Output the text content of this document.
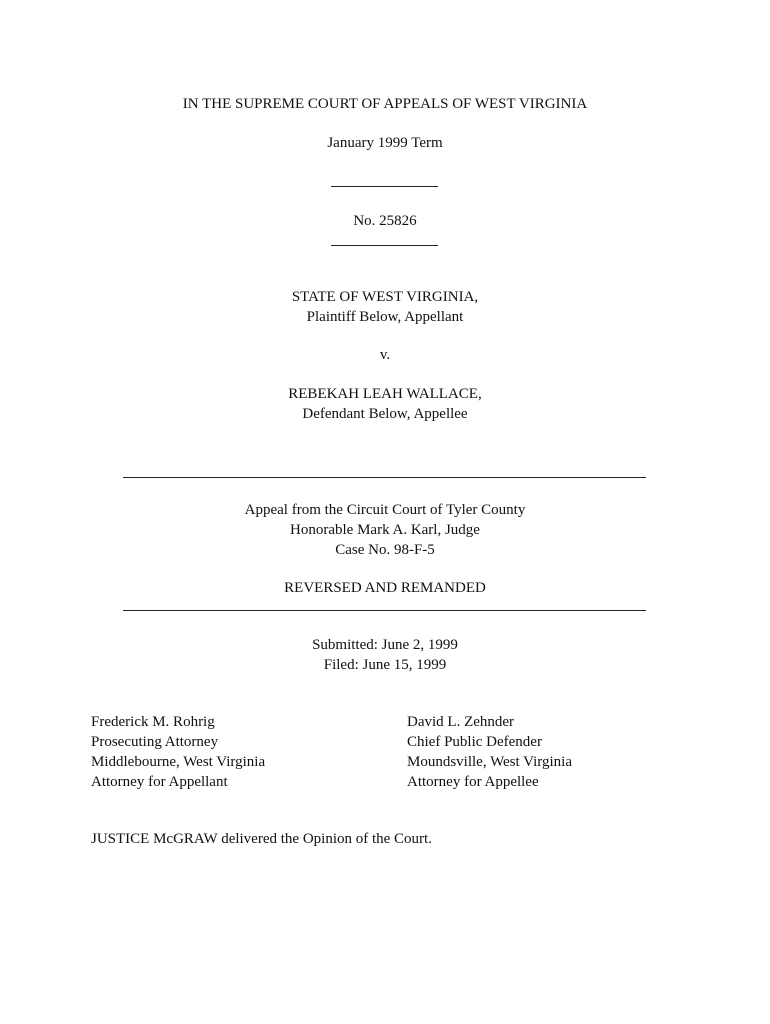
IN THE SUPREME COURT OF APPEALS OF WEST VIRGINIA
January 1999 Term
No. 25826
STATE OF WEST VIRGINIA,
Plaintiff Below, Appellant
v.
REBEKAH LEAH WALLACE,
Defendant Below, Appellee
Appeal from the Circuit Court of Tyler County
Honorable Mark A. Karl, Judge
Case No. 98-F-5
REVERSED AND REMANDED
Submitted: June 2, 1999
Filed: June 15, 1999
Frederick M. Rohrig
Prosecuting Attorney
Middlebourne, West Virginia
Attorney for Appellant
David L. Zehnder
Chief Public Defender
Moundsville, West Virginia
Attorney for Appellee
JUSTICE McGRAW delivered the Opinion of the Court.
